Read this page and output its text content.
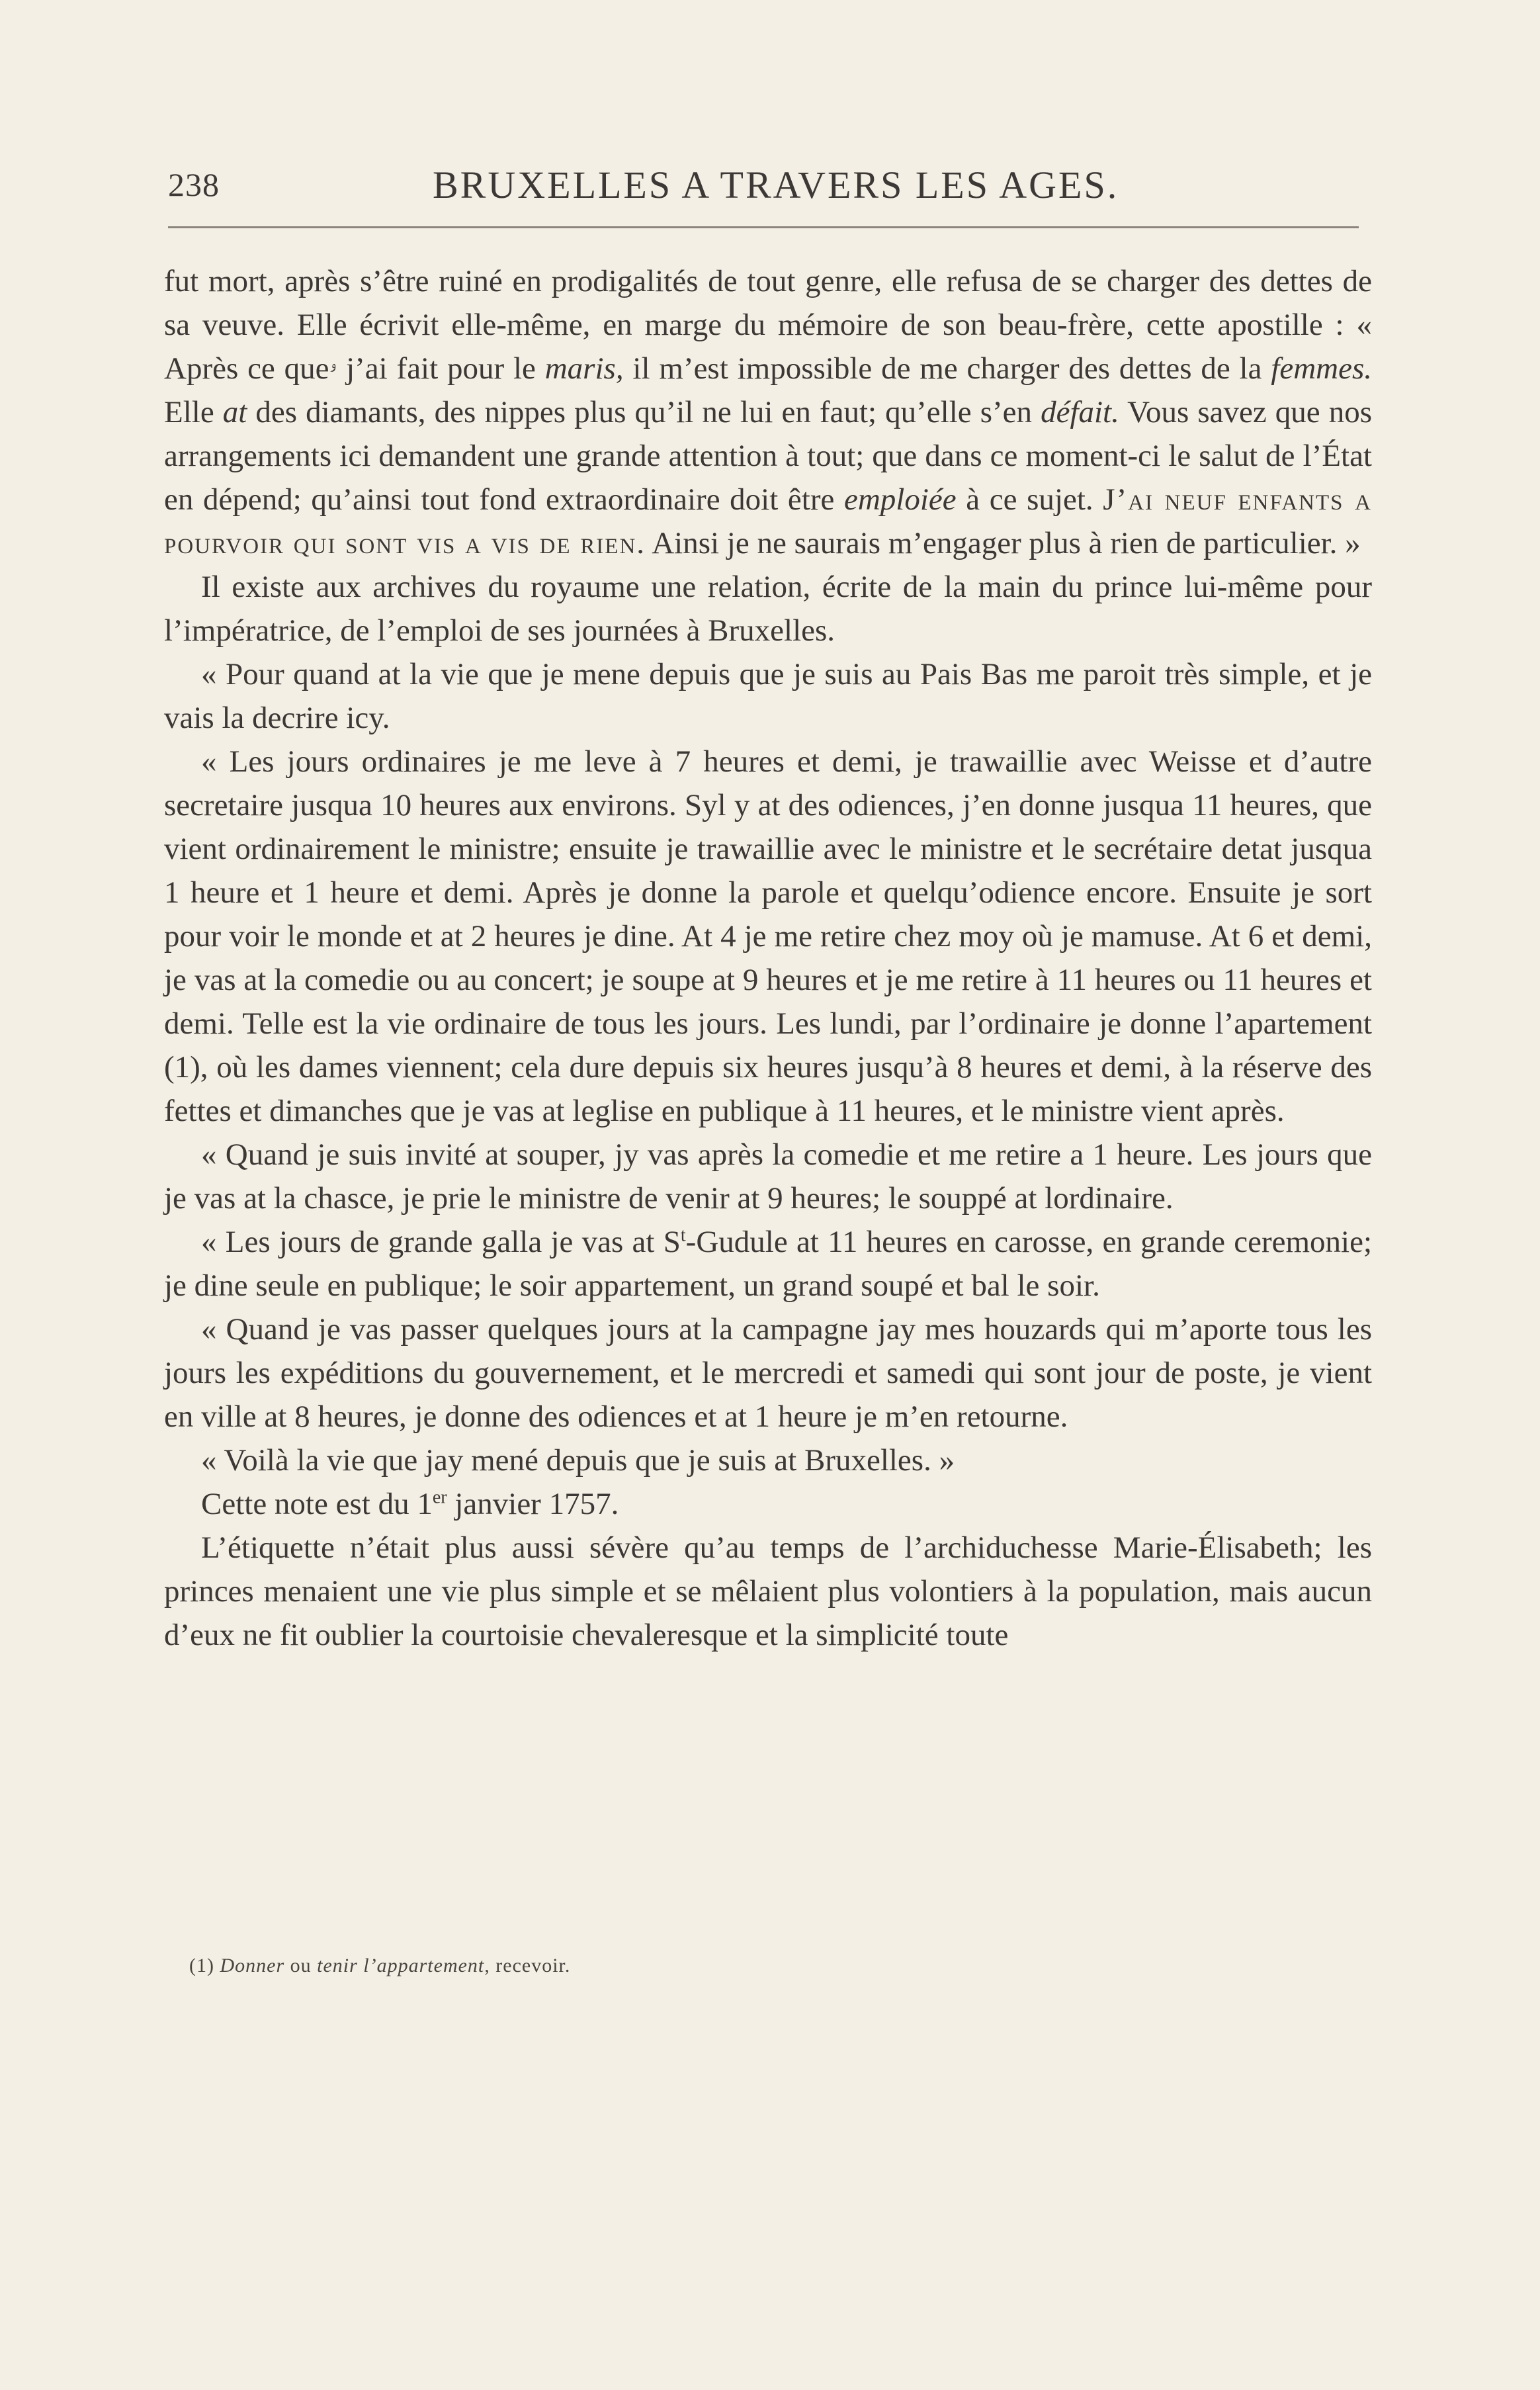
238	BRUXELLES A TRAVERS LES AGES.

fut mort, après s’être ruiné en prodigalités de tout genre, elle refusa de se charger des dettes de sa veuve. Elle écrivit elle-même, en marge du mémoire de son beau-frère, cette apostille : « Après ce queۥ j’ai fait pour le maris, il m’est impossible de me charger des dettes de la femmes. Elle at des diamants, des nippes plus qu’il ne lui en faut; qu’elle s’en défait. Vous savez que nos arrangements ici demandent une grande attention à tout; que dans ce moment-ci le salut de l’État en dépend; qu’ainsi tout fond extraordinaire doit être emploiée à ce sujet. J’ai neuf enfants a pourvoir qui sont vis a vis de rien. Ainsi je ne saurais m’engager plus à rien de particulier. »

Il existe aux archives du royaume une relation, écrite de la main du prince lui-même pour l’impératrice, de l’emploi de ses journées à Bruxelles.

« Pour quand at la vie que je mene depuis que je suis au Pais Bas me paroit très simple, et je vais la decrire icy.

« Les jours ordinaires je me leve à 7 heures et demi, je trawaillie avec Weisse et d’autre secretaire jusqua 10 heures aux environs. Syl y at des odiences, j’en donne jusqua 11 heures, que vient ordinairement le ministre; ensuite je trawaillie avec le ministre et le secrétaire detat jusqua 1 heure et 1 heure et demi. Après je donne la parole et quelqu’odience encore. Ensuite je sort pour voir le monde et at 2 heures je dine. At 4 je me retire chez moy où je mamuse. At 6 et demi, je vas at la comedie ou au concert; je soupe at 9 heures et je me retire à 11 heures ou 11 heures et demi. Telle est la vie ordinaire de tous les jours. Les lundi, par l’ordinaire je donne l’apartement (1), où les dames viennent; cela dure depuis six heures jusqu’à 8 heures et demi, à la réserve des fettes et dimanches que je vas at leglise en publique à 11 heures, et le ministre vient après.

« Quand je suis invité at souper, jy vas après la comedie et me retire a 1 heure. Les jours que je vas at la chasce, je prie le ministre de venir at 9 heures; le souppé at lordinaire.

« Les jours de grande galla je vas at $S^t$-Gudule at 11 heures en carosse, en grande ceremonie; je dine seule en publique; le soir appartement, un grand soupé et bal le soir.

« Quand je vas passer quelques jours at la campagne jay mes houzards qui m’aporte tous les jours les expéditions du gouvernement, et le mercredi et samedi qui sont jour de poste, je vient en ville at 8 heures, je donne des odiences et at 1 heure je m’en retourne.

« Voilà la vie que jay mené depuis que je suis at Bruxelles. »

Cette note est du 1er janvier 1757.

L’étiquette n’était plus aussi sévère qu’au temps de l’archiduchesse Marie-Élisabeth; les princes menaient une vie plus simple et se mêlaient plus volontiers à la population, mais aucun d’eux ne fit oublier la courtoisie chevaleresque et la simplicité toute

(1) Donner ou tenir l’appartement, recevoir.
